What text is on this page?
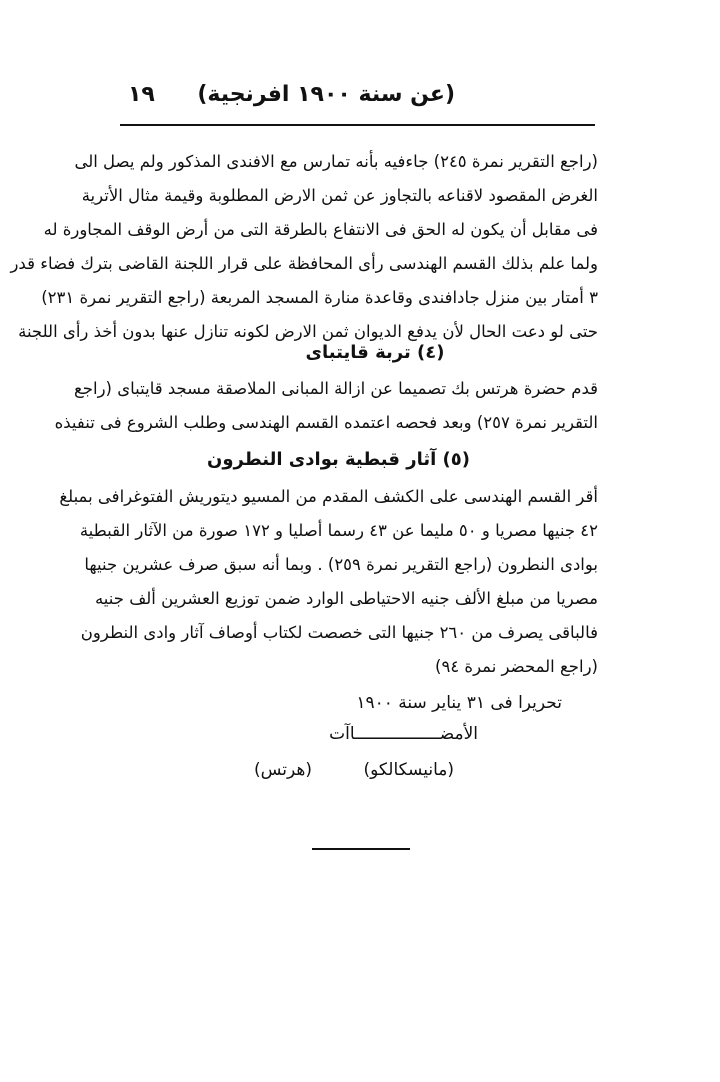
(عن سنة ١٩٠٠ افرنجية)
١٩
(راجع التقرير نمرة ٢٤٥) جاءفيه بأنه تمارس مع الافندى المذكور ولم يصل الى
الغرض المقصود لاقناعه بالتجاوز عن ثمن الارض المطلوبة وقيمة مثال الأترية
فى مقابل أن يكون له الحق فى الانتفاع بالطرقة التى من أرض الوقف المجاورة له
ولما علم بذلك القسم الهندسى رأى المحافظة على قرار اللجنة القاضى بترك فضاء قدر
٣ أمتار بين منزل جادافندى وقاعدة منارة المسجد المربعة (راجع التقرير نمرة ٢٣١)
حتى لو دعت الحال لأن يدفع الديوان ثمن الارض لكونه تنازل عنها بدون أخذ رأى اللجنة
(٤) تربة قايتباى
قدم حضرة هرتس بك تصميما عن ازالة المبانى الملاصقة مسجد قايتباى (راجع
التقرير نمرة ٢٥٧) وبعد فحصه اعتمده القسم الهندسى وطلب الشروع فى تنفيذه
(٥) آثار قبطية بوادى النطرون
أقر القسم الهندسى على الكشف المقدم من المسيو ديتوريش الفتوغرافى بمبلغ
٤٢ جنيها مصريا و ٥٠ مليما عن ٤٣ رسما أصليا و ١٧٢ صورة من الآثار القبطية
بوادى النطرون (راجع التقرير نمرة ٢٥٩) . وبما أنه سبق صرف عشرين جنيها
مصريا من مبلغ الألف جنيه الاحتياطى الوارد ضمن توزيع العشرين ألف جنيه
فالباقى يصرف من ٢٦٠ جنيها التى خصصت لكتاب أوصاف آثار وادى النطرون
(راجع المحضر نمرة ٩٤)
تحريرا فى ٣١ يناير سنة ١٩٠٠
الأمضـــــــــــــــــاآت
(مانيسكالكو)
(هرتس)
